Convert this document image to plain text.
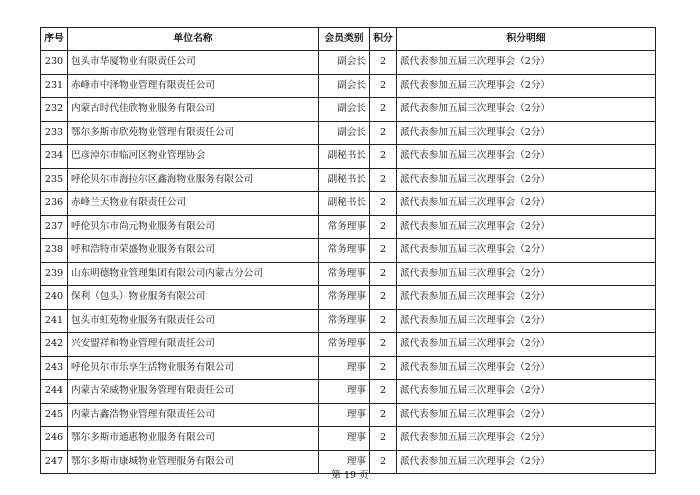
序号	单位名称	会员类别	积分	积分明细
230	包头市华厦物业有限责任公司	副会长	2	派代表参加五届三次理事会（2分）
231	赤峰市中泽物业管理有限责任公司	副会长	2	派代表参加五届三次理事会（2分）
232	内蒙古时代佳欣物业服务有限公司	副会长	2	派代表参加五届三次理事会（2分）
233	鄂尔多斯市欣苑物业管理有限责任公司	副会长	2	派代表参加五届三次理事会（2分）
234	巴彦淖尔市临河区物业管理协会	副秘书长	2	派代表参加五届三次理事会（2分）
235	呼伦贝尔市海拉尔区鑫海物业服务有限公司	副秘书长	2	派代表参加五届三次理事会（2分）
236	赤峰兰天物业有限责任公司	副秘书长	2	派代表参加五届三次理事会（2分）
237	呼伦贝尔市尚元物业服务有限公司	常务理事	2	派代表参加五届三次理事会（2分）
238	呼和浩特市荣盛物业服务有限公司	常务理事	2	派代表参加五届三次理事会（2分）
239	山东明德物业管理集团有限公司内蒙古分公司	常务理事	2	派代表参加五届三次理事会（2分）
240	保利（包头）物业服务有限公司	常务理事	2	派代表参加五届三次理事会（2分）
241	包头市虹苑物业服务有限责任公司	常务理事	2	派代表参加五届三次理事会（2分）
242	兴安盟祥和物业管理有限责任公司	常务理事	2	派代表参加五届三次理事会（2分）
243	呼伦贝尔市乐享生活物业服务有限公司	理事	2	派代表参加五届三次理事会（2分）
244	内蒙古荣威物业服务管理有限责任公司	理事	2	派代表参加五届三次理事会（2分）
245	内蒙古鑫浩物业管理有限责任公司	理事	2	派代表参加五届三次理事会（2分）
246	鄂尔多斯市通惠物业服务有限公司	理事	2	派代表参加五届三次理事会（2分）
247	鄂尔多斯市康城物业管理服务有限公司	理事	2	派代表参加五届三次理事会（2分）
第 19 页
